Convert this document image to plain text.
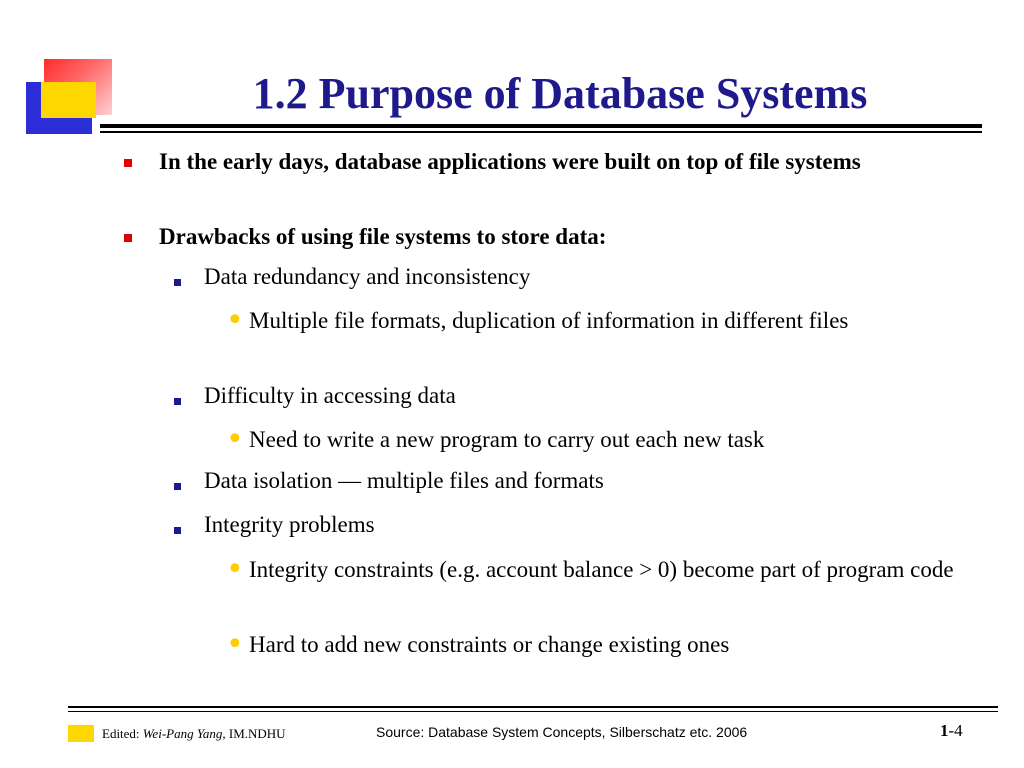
1.2 Purpose of Database Systems
In the early days, database applications were built on top of file systems
Drawbacks of using file systems to store data:
Data redundancy and inconsistency
• Multiple file formats, duplication of information in different files
Difficulty in accessing data
• Need to write a new program to carry out each new task
Data isolation — multiple files and formats
Integrity problems
• Integrity constraints (e.g. account balance > 0) become part of program code
• Hard to add new constraints or change existing ones
Edited: Wei-Pang Yang, IM.NDHU	Source: Database System Concepts, Silberschatz etc. 2006	1-4
